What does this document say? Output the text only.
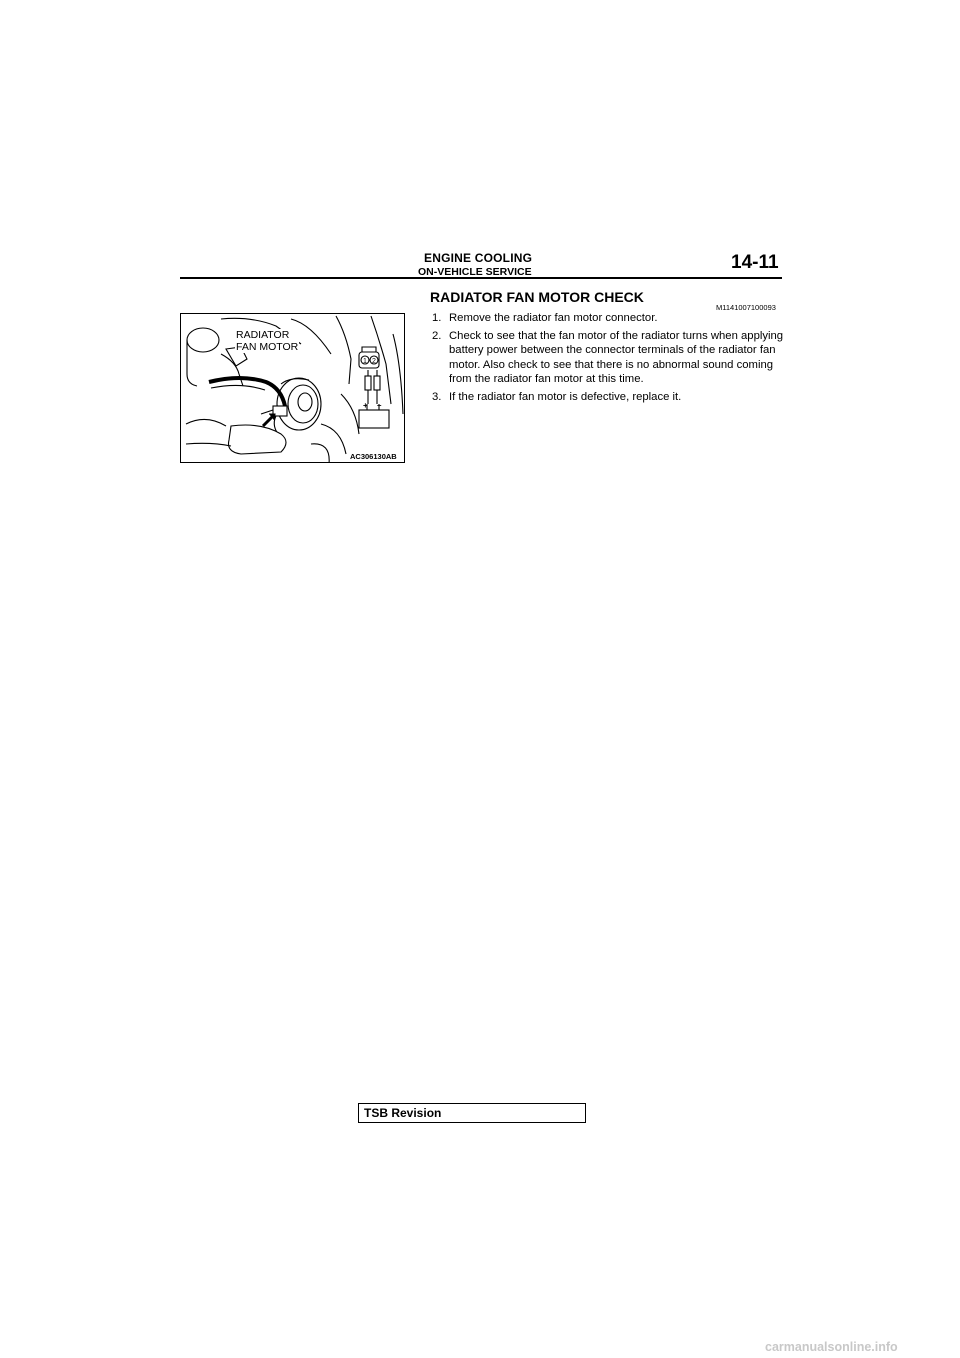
ENGINE COOLING
ON-VEHICLE SERVICE	14-11
1 2
+ –
RADIATOR
FAN MOTOR
AC306130AB
RADIATOR FAN MOTOR CHECK
M1141007100093
1. Remove the radiator fan motor connector.
2. Check to see that the fan motor of the radiator turns when applying battery power between the connector terminals of the radiator fan motor. Also check to see that there is no abnormal sound coming from the radiator fan motor at this time.
3. If the radiator fan motor is defective, replace it.
TSB Revision
carmanualsonline.info
